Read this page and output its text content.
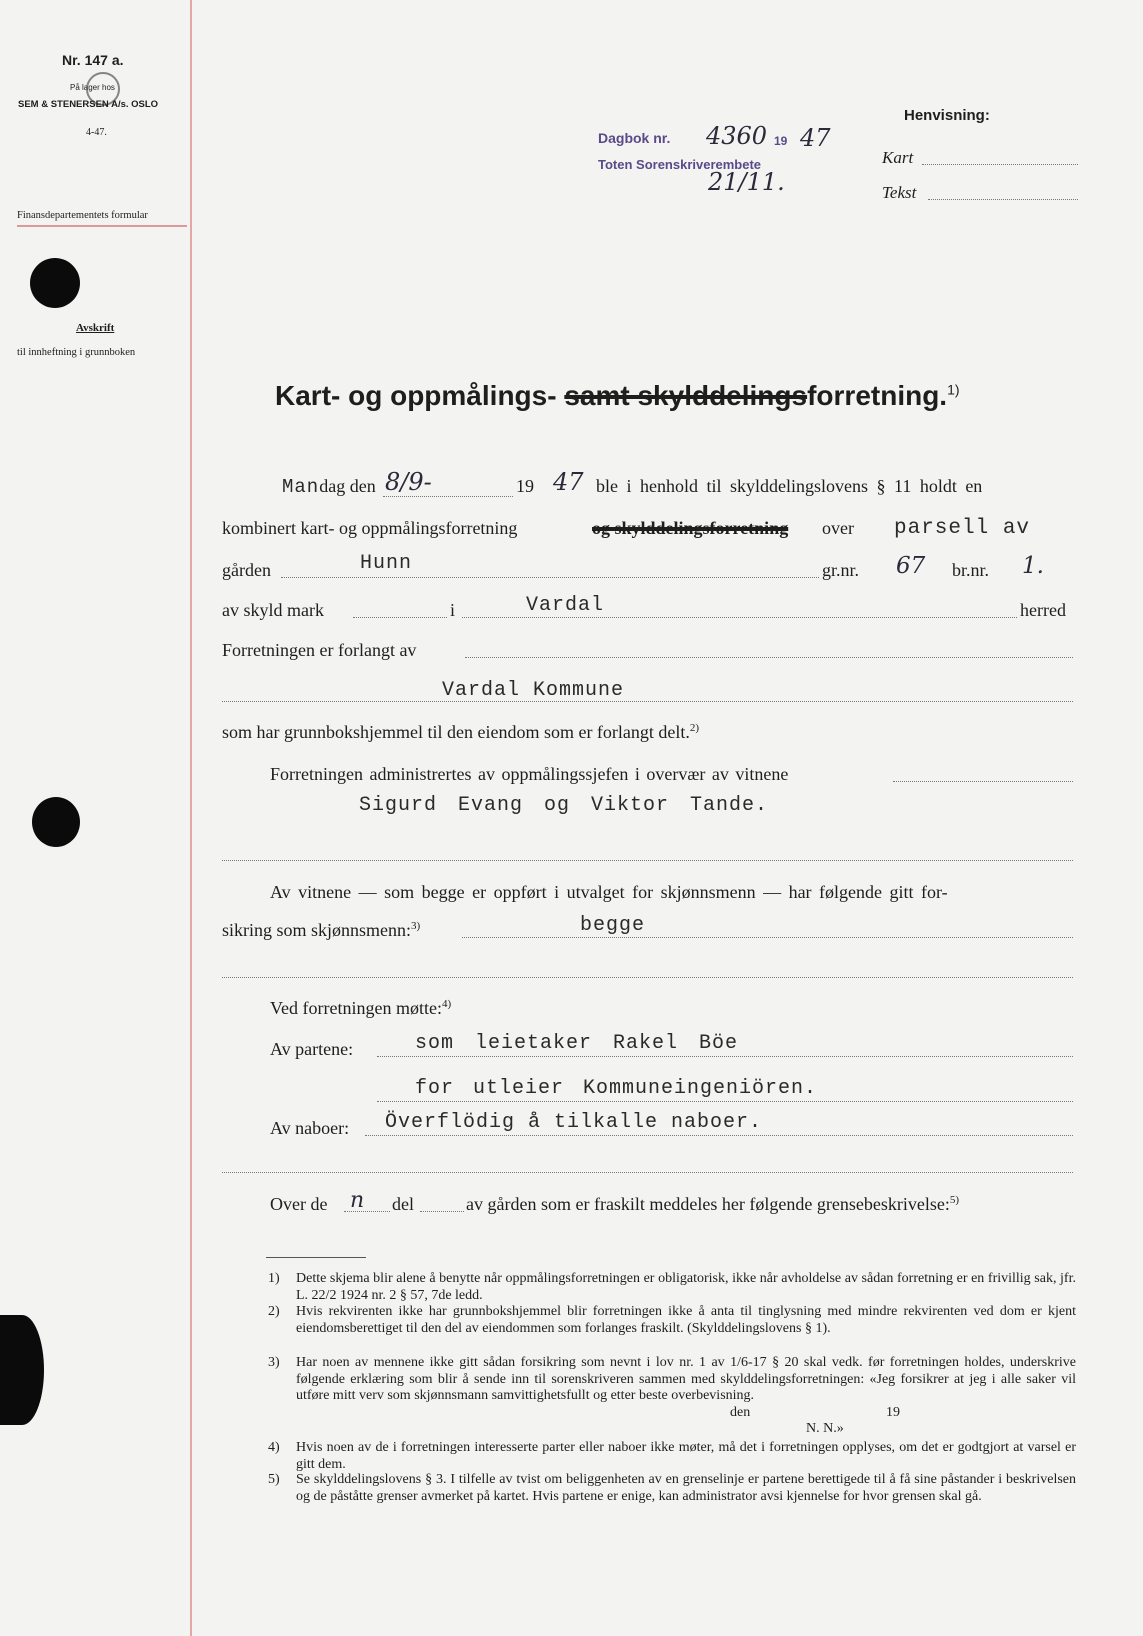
Nr. 147 a.
På lager hos
SEM & STENERSEN A/s. OSLO
4-47.
Finansdepartementets formular
Avskrift
til innheftning i grunnboken
Dagbok nr. 4360 19 47
Toten Sorenskriverembete
21/11.
Henvisning:
Kart
Tekst
Kart- og oppmålings- samt skylddelingsforretning.$^{1)}$
Mandag den 8/9-	19 47 ble i henhold til skylddelingslovens § 11 holdt en
kombinert kart- og oppmålingsforretning	og skylddelingsforretning over parsell av
gården	Hunn	gr.nr. 67 br.nr. 1.
av skyld mark	i	Vardal	herred
Forretningen er forlangt av
Vardal Kommune
som har grunnbokshjemmel til den eiendom som er forlangt delt.$^{2)}$
Forretningen administrertes av oppmålingssjefen i overvær av vitnene
Sigurd Evang og Viktor Tande.
Av vitnene — som begge er oppført i utvalget for skjønnsmenn — har følgende gitt for-
sikring som skjønnsmenn:$^{3)}$	begge
Ved forretningen møtte:$^{4)}$
Av partene:	som leietaker Rakel Böe
for utleier Kommuneingeniören.
Av naboer: Överflödig å tilkalle naboer.
Over de n del	av gården som er fraskilt meddeles her følgende grensebeskrivelse:$^{5)}$
1) Dette skjema blir alene å benytte når oppmålingsforretningen er obligatorisk, ikke når avholdelse av sådan forretning er en frivillig sak, jfr. L. 22/2 1924 nr. 2 § 57, 7de ledd.
2) Hvis rekvirenten ikke har grunnbokshjemmel blir forretningen ikke å anta til tinglysning med mindre rekvirenten ved dom er kjent eiendomsberettiget til den del av eiendommen som forlanges fraskilt. (Skylddelingslovens § 1).
3) Har noen av mennene ikke gitt sådan forsikring som nevnt i lov nr. 1 av 1/6-17 § 20 skal vedk. før forretningen holdes, underskrive følgende erklæring som blir å sende inn til sorenskriveren sammen med skylddelingsforretningen: «Jeg forsikrer at jeg i alle saker vil utføre mitt verv som skjønnsmann samvittighetsfullt og etter beste overbevisning.
den	19
N. N.»
4) Hvis noen av de i forretningen interesserte parter eller naboer ikke møter, må det i forretningen opplyses, om det er godtgjort at varsel er gitt dem.
5) Se skylddelingslovens § 3. I tilfelle av tvist om beliggenheten av en grenselinje er partene berettigede til å få sine påstander i beskrivelsen og de påståtte grenser avmerket på kartet. Hvis partene er enige, kan administrator avsi kjennelse for hvor grensen skal gå.
